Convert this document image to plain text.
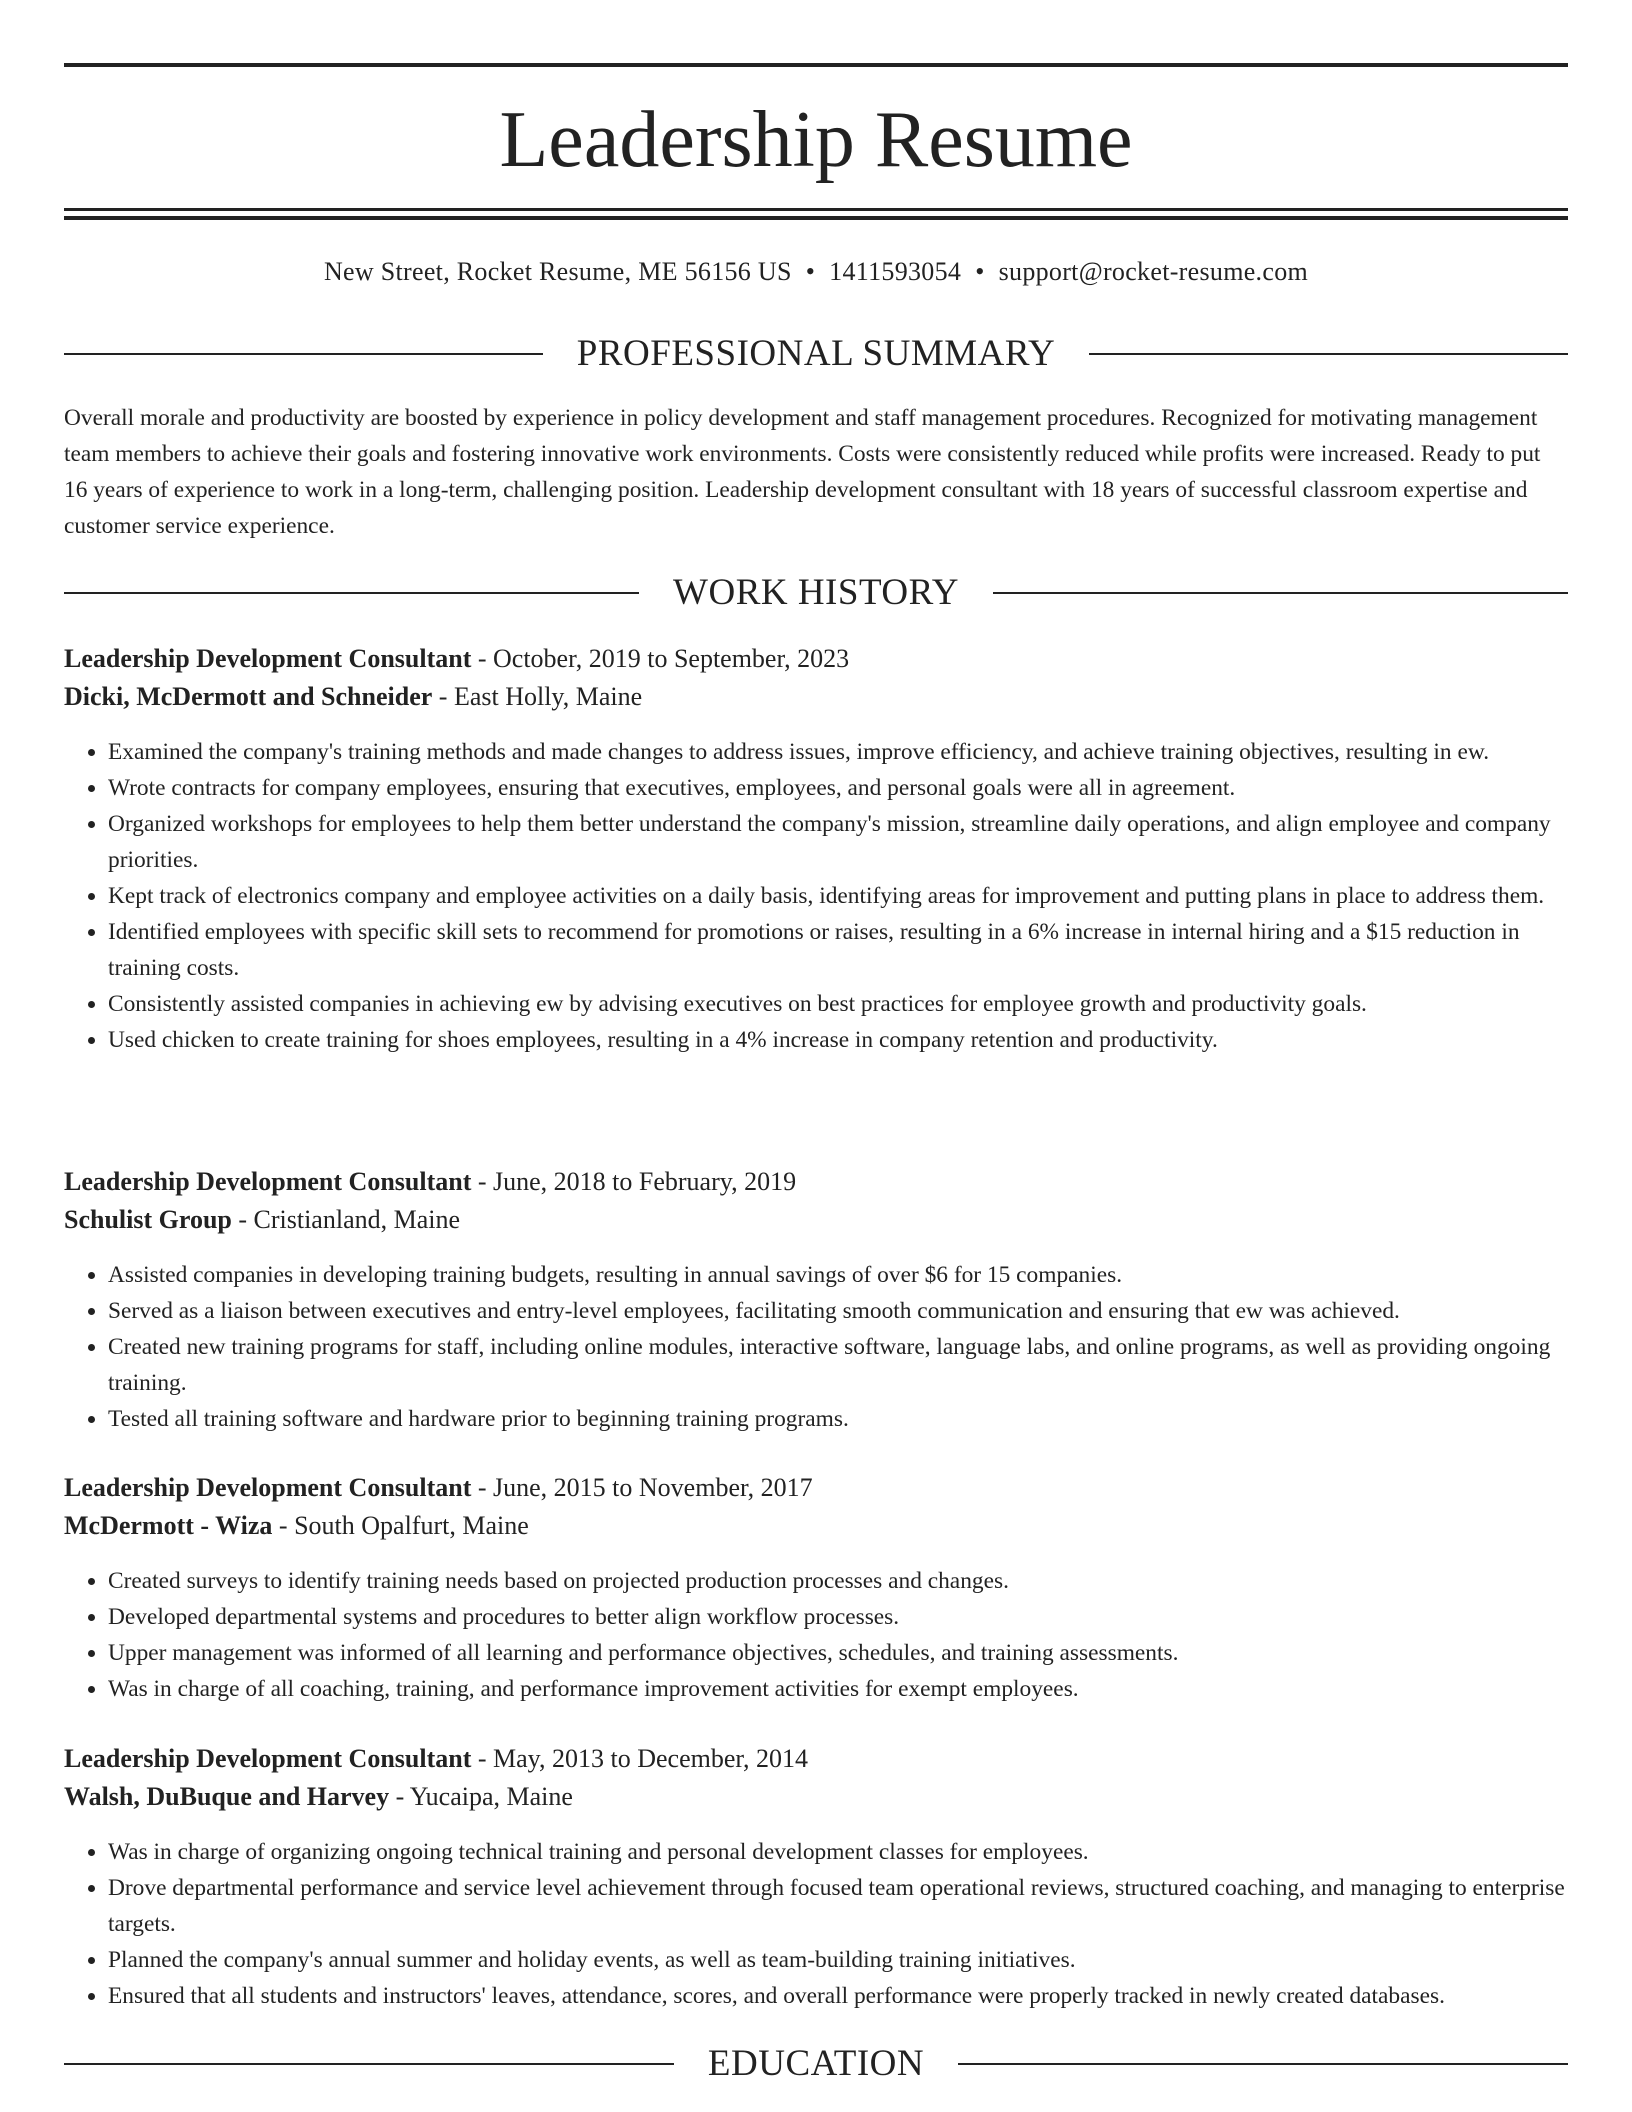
Leadership Resume
New Street, Rocket Resume, ME 56156 US • 1411593054 • support@rocket-resume.com
PROFESSIONAL SUMMARY

Overall morale and productivity are boosted by experience in policy development and staff management procedures. Recognized for motivating management team members to achieve their goals and fostering innovative work environments. Costs were consistently reduced while profits were increased. Ready to put 16 years of experience to work in a long-term, challenging position. Leadership development consultant with 18 years of successful classroom expertise and customer service experience.

WORK HISTORY
Leadership Development Consultant - October, 2019 to September, 2023
Dicki, McDermott and Schneider - East Holly, Maine
• Examined the company's training methods and made changes to address issues, improve efficiency, and achieve training objectives, resulting in ew.
• Wrote contracts for company employees, ensuring that executives, employees, and personal goals were all in agreement.
• Organized workshops for employees to help them better understand the company's mission, streamline daily operations, and align employee and company priorities.
• Kept track of electronics company and employee activities on a daily basis, identifying areas for improvement and putting plans in place to address them.
• Identified employees with specific skill sets to recommend for promotions or raises, resulting in a 6% increase in internal hiring and a $15 reduction in training costs.
• Consistently assisted companies in achieving ew by advising executives on best practices for employee growth and productivity goals.
• Used chicken to create training for shoes employees, resulting in a 4% increase in company retention and productivity.
Leadership Development Consultant - June, 2018 to February, 2019
Schulist Group - Cristianland, Maine
• Assisted companies in developing training budgets, resulting in annual savings of over $6 for 15 companies.
• Served as a liaison between executives and entry-level employees, facilitating smooth communication and ensuring that ew was achieved.
• Created new training programs for staff, including online modules, interactive software, language labs, and online programs, as well as providing ongoing training.
• Tested all training software and hardware prior to beginning training programs.
Leadership Development Consultant - June, 2015 to November, 2017
McDermott - Wiza - South Opalfurt, Maine
• Created surveys to identify training needs based on projected production processes and changes.
• Developed departmental systems and procedures to better align workflow processes.
• Upper management was informed of all learning and performance objectives, schedules, and training assessments.
• Was in charge of all coaching, training, and performance improvement activities for exempt employees.
Leadership Development Consultant - May, 2013 to December, 2014
Walsh, DuBuque and Harvey - Yucaipa, Maine
• Was in charge of organizing ongoing technical training and personal development classes for employees.
• Drove departmental performance and service level achievement through focused team operational reviews, structured coaching, and managing to enterprise targets.
• Planned the company's annual summer and holiday events, as well as team-building training initiatives.
• Ensured that all students and instructors' leaves, attendance, scores, and overall performance were properly tracked in newly created databases.
EDUCATION
